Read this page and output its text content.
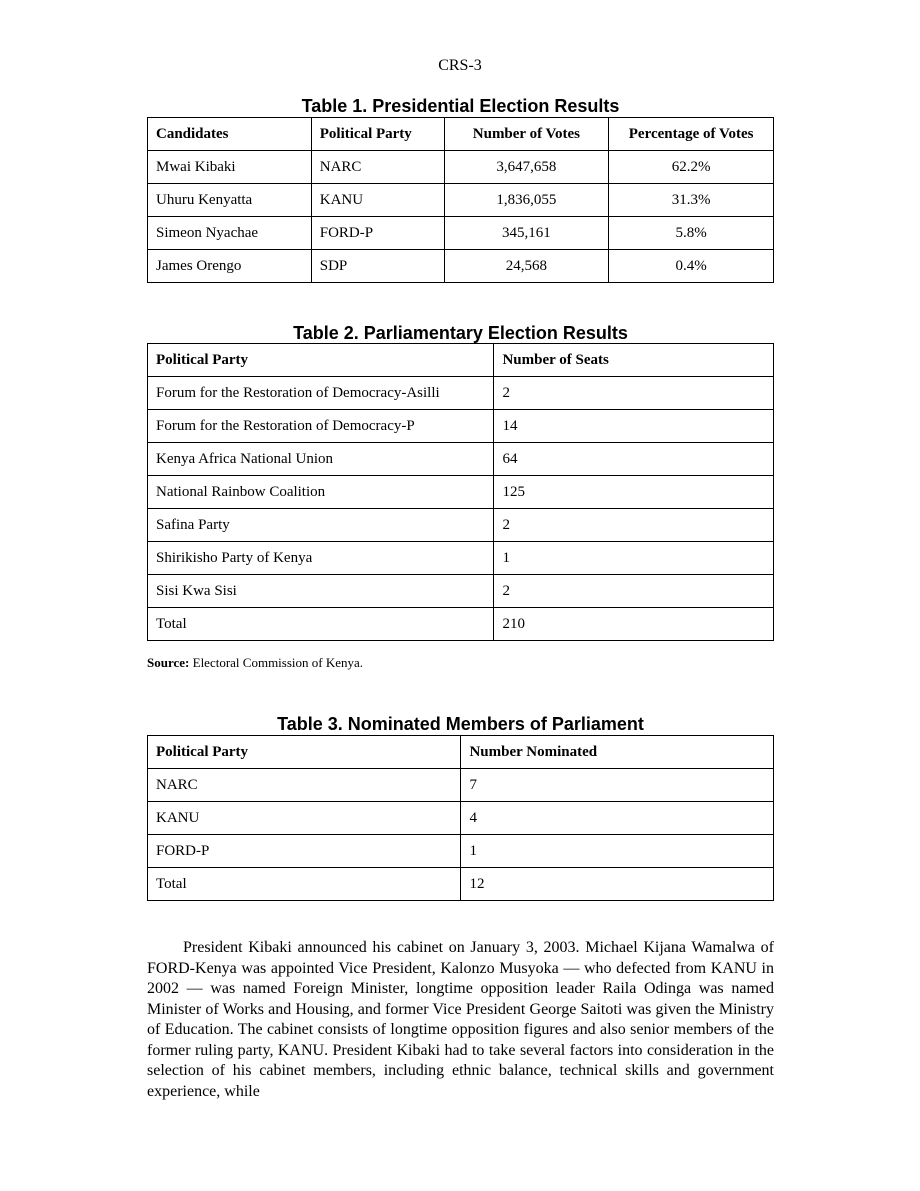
CRS-3
Table 1. Presidential Election Results
Candidates	Political Party	Number of Votes	Percentage of Votes
Mwai Kibaki	NARC	3,647,658	62.2%
Uhuru Kenyatta	KANU	1,836,055	31.3%
Simeon Nyachae	FORD-P	345,161	5.8%
James Orengo	SDP	24,568	0.4%
Table 2. Parliamentary Election Results
Political Party	Number of Seats
Forum for the Restoration of Democracy-Asilli	2
Forum for the Restoration of Democracy-P	14
Kenya Africa National Union	64
National Rainbow Coalition	125
Safina Party	2
Shirikisho Party of Kenya	1
Sisi Kwa Sisi	2
Total	210
Source: Electoral Commission of Kenya.
Table 3. Nominated Members of Parliament
Political Party	Number Nominated
NARC	7
KANU	4
FORD-P	1
Total	12

President Kibaki announced his cabinet on January 3, 2003. Michael Kijana Wamalwa of FORD-Kenya was appointed Vice President, Kalonzo Musyoka — who defected from KANU in 2002 — was named Foreign Minister, longtime opposition leader Raila Odinga was named Minister of Works and Housing, and former Vice President George Saitoti was given the Ministry of Education. The cabinet consists of longtime opposition figures and also senior members of the former ruling party, KANU. President Kibaki had to take several factors into consideration in the selection of his cabinet members, including ethnic balance, technical skills and government experience, while
